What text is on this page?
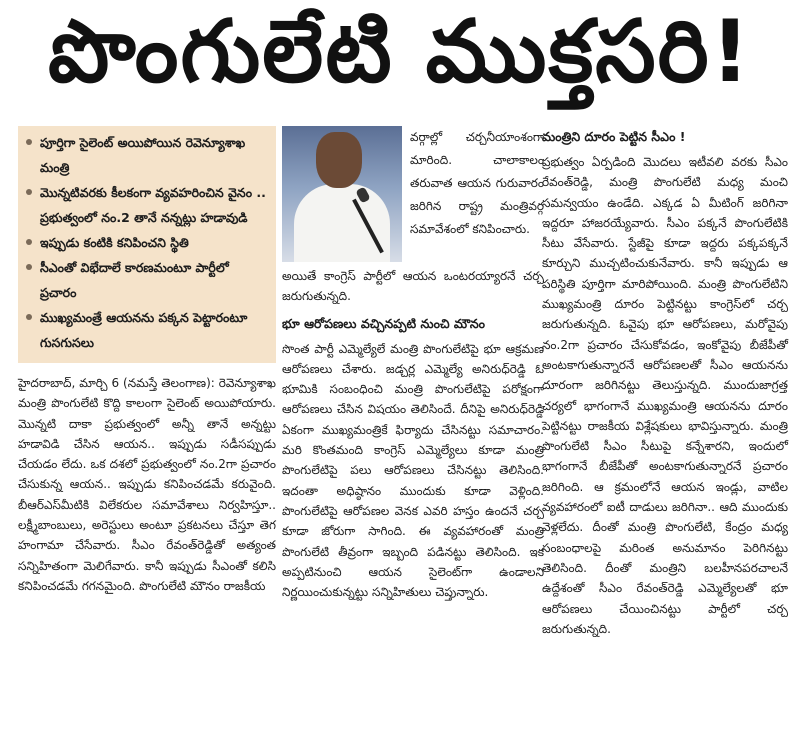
పొంగులేటి ముక్తసరి!
పూర్తిగా సైలెంట్ అయిపోయిన రెవెన్యూశాఖ మంత్రి
మొన్నటివరకు కీలకంగా వ్యవహరించిన వైనం .. ప్రభుత్వంలో నం.2 తానే నన్నట్లు హడావుడి
ఇప్పుడు కంటికి కనిపించని స్థితి
సీఎంతో విభేదాలే కారణమంటూ పార్టీలో ప్రచారం
ముఖ్యమంత్రే ఆయనను పక్కన పెట్టారంటూ గుసగుసలు

హైదరాబాద్, మార్చి 6 (నమస్తే తెలంగాణ): రెవెన్యూశాఖ మంత్రి పొంగులేటి కొద్ది కాలంగా సైలెంట్ అయిపోయారు. మొన్నటి దాకా ప్రభుత్వంలో అన్నీ తానే అన్నట్టు హడావిడి చేసిన ఆయన.. ఇప్పుడు సడీసప్పుడు చేయడం లేదు. ఒక దశలో ప్రభుత్వంలో నం.2గా ప్రచారం చేసుకున్న ఆయన.. ఇప్పుడు కనిపించడమే కరువైంది. బీఆర్‌ఎస్‌మీటికి విలేకరుల సమావేశాలు నిర్వహిస్తూ.. లక్ష్మీబాంబులు, అరెస్టులు అంటూ ప్రకటనలు చేస్తూ తెగ హంగామా చేసేవారు. సీఎం రేవంత్‌రెడ్డితో అత్యంత సన్నిహితంగా మెలిగేవారు. కానీ ఇప్పుడు సీఎంతో కలిసి కనిపించడమే గగనమైంది. పొంగులేటి మౌనం రాజకీయ

వర్గాల్లో చర్చనీయాంశంగా మారింది. చాలాకాలం తరువాత ఆయన గురువారం జరిగిన రాష్ట్ర మంత్రివర్గ సమావేశంలో కనిపించారు.

అయితే కాంగ్రెస్ పార్టీలో ఆయన ఒంటరయ్యారనే చర్చ జరుగుతున్నది.

భూ ఆరోపణలు వచ్చినప్పటి నుంచి మౌనం

సొంత పార్టీ ఎమ్మెల్యేలే మంత్రి పొంగులేటిపై భూ ఆక్రమణ ఆరోపణలు చేశారు. జడ్చర్ల ఎమ్మెల్యే అనిరుధ్‌రెడ్డి ఓ భూమికి సంబంధించి మంత్రి పొంగులేటిపై పరోక్షంగా ఆరోపణలు చేసిన విషయం తెలిసిందే. దీనిపై అనిరుధ్‌రెడ్డి ఏకంగా ముఖ్యమంత్రికే ఫిర్యాదు చేసినట్టు సమాచారం. మరి కొంతమంది కాంగ్రెస్ ఎమ్మెల్యేలు కూడా మంత్రి పొంగులేటిపై పలు ఆరోపణలు చేసినట్టు తెలిసింది. ఇదంతా అధిష్ఠానం ముందుకు కూడా వెళ్లింది. పొంగులేటిపై ఆరోపణల వెనక ఎవరి హస్తం ఉందనే చర్చ కూడా జోరుగా సాగింది. ఈ వ్యవహారంతో మంత్రి పొంగులేటి తీవ్రంగా ఇబ్బంది పడినట్టు తెలిసింది. ఇక అప్పటినుంచి ఆయన సైలెంట్‌గా ఉండాలని నిర్ణయించుకున్నట్టు సన్నిహితులు చెప్తున్నారు.

మంత్రిని దూరం పెట్టిన సీఎం !

ప్రభుత్వం ఏర్పడింది మొదలు ఇటీవలి వరకు సీఎం రేవంత్‌రెడ్డి, మంత్రి పొంగులేటి మధ్య మంచి సమన్వయం ఉండేది. ఎక్కడ ఏ మీటింగ్ జరిగినా ఇద్దరూ హాజరయ్యేవారు. సీఎం పక్కనే పొంగులేటికి సీటు వేసేవారు. స్టేజీపై కూడా ఇద్దరు పక్కపక్కనే కూర్చుని ముచ్చటించుకునేవారు. కానీ ఇప్పుడు ఆ పరిస్థితి పూర్తిగా మారిపోయింది. మంత్రి పొంగులేటిని ముఖ్యమంత్రి దూరం పెట్టినట్టు కాంగ్రెస్‌లో చర్చ జరుగుతున్నది. ఓవైపు భూ ఆరోపణలు, మరోవైపు నం.2గా ప్రచారం చేసుకోవడం, ఇంకోవైపు బీజేపీతో అంటకాగుతున్నారనే ఆరోపణలతో సీఎం ఆయనను దూరంగా జరిగినట్టు తెలుస్తున్నది. ముందుజాగ్రత్త చర్యలో భాగంగానే ముఖ్యమంత్రి ఆయనను దూరం పెట్టినట్టు రాజకీయ విశ్లేషకులు భావిస్తున్నారు. మంత్రి పొంగులేటి సీఎం సీటుపై కన్నేశారని, ఇందులో భాగంగానే బీజేపీతో అంటకాగుతున్నారనే ప్రచారం జరిగింది. ఆ క్రమంలోనే ఆయన ఇండ్లు, వాటిల వ్యవహారంలో ఐటీ దాడులు జరిగినా.. ఆది ముందుకు వెళ్లలేదు. దీంతో మంత్రి పొంగులేటి, కేంద్రం మధ్య సంబంధాలపై మరింత అనుమానం పెరిగినట్టు తెలిసింది. దీంతో మంత్రిని బలహీనపరచాలనే ఉద్దేశంతో సీఎం రేవంత్‌రెడ్డి ఎమ్మెల్యేలతో భూ ఆరోపణలు చేయించినట్టు పార్టీలో చర్చ జరుగుతున్నది.
